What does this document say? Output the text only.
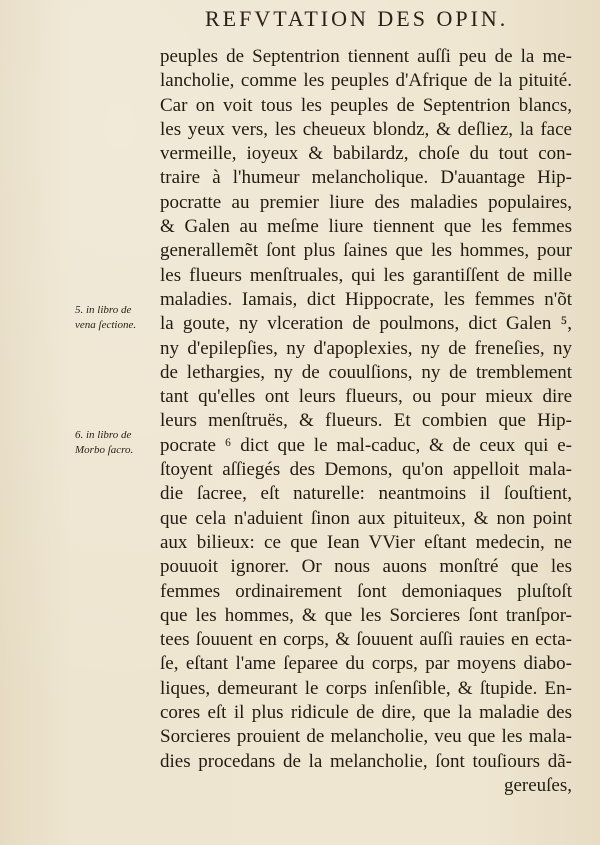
REFVTATION DES OPIN.
peuples de Septentrion tiennent auſſi peu de la me-
lancholie, comme les peuples d'Afrique de la pituité.
Car on voit tous les peuples de Septentrion blancs,
les yeux vers, les cheueux blondz, & deſliez, la face
vermeille, ioyeux & babilardz, choſe du tout con-
traire à l'humeur melancholique. D'auantage Hip-
pocratte au premier liure des maladies populaires,
& Galen au meſme liure tiennent que les femmes
generallemẽt ſont plus ſaines que les hommes, pour
les flueurs menſtruales, qui les garantiſſent de mille
maladies. Iamais, dict Hippocrate, les femmes n'õt
la goute, ny vlceration de poulmons, dict Galen ⁵,
ny d'epilepſies, ny d'apoplexies, ny de freneſies, ny
de lethargies, ny de couulſions, ny de tremblement
tant qu'elles ont leurs flueurs, ou pour mieux dire
leurs menſtruës, & flueurs. Et combien que Hip-
pocrate ⁶ dict que le mal-caduc, & de ceux qui e-
ſtoyent aſſiegés des Demons, qu'on appelloit mala-
die ſacree, eſt naturelle: neantmoins il ſouſtient,
que cela n'aduient ſinon aux pituiteux, & non point
aux bilieux: ce que Iean VVier eſtant medecin, ne
pouuoit ignorer. Or nous auons monſtré que les
femmes ordinairement ſont demoniaques pluſtoſt
que les hommes, & que les Sorcieres ſont tranſpor-
tees ſouuent en corps, & ſouuent auſſi rauies en ecta-
ſe, eſtant l'ame ſeparee du corps, par moyens diabo-
liques, demeurant le corps inſenſible, & ſtupide. En-
cores eſt il plus ridicule de dire, que la maladie des
Sorcieres prouient de melancholie, veu que les mala-
dies procedans de la melancholie, ſont touſiours dã-
gereuſes,
5. in libro de
vena ſectione.
6. in libro de
Morbo ſacro.
